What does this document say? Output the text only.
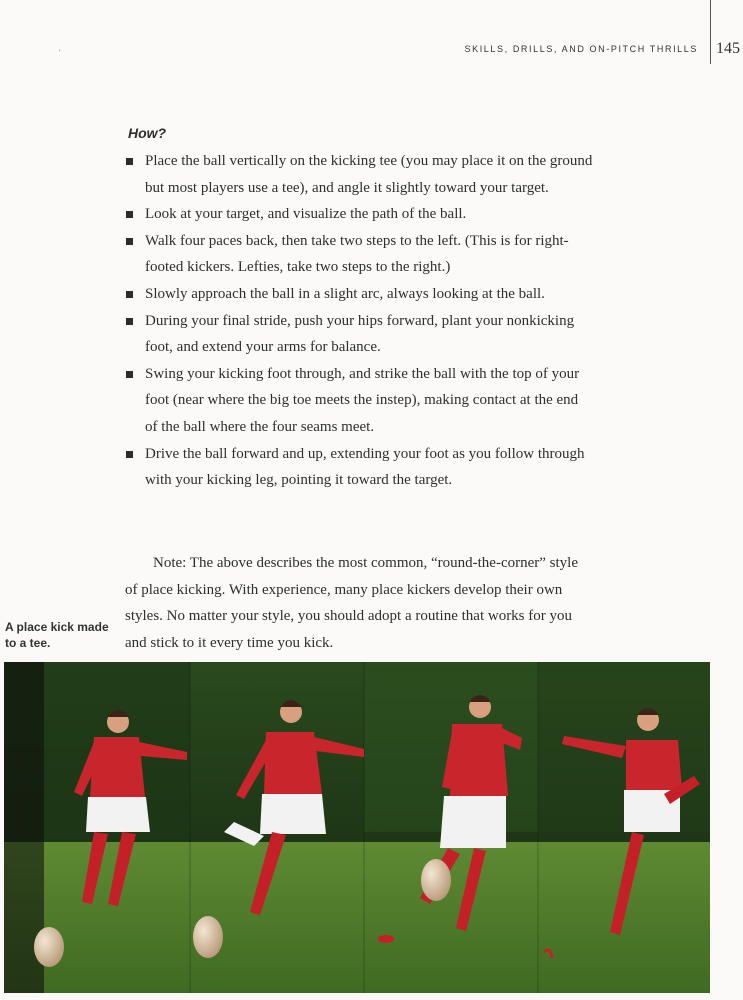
'	SKILLS, DRILLS, AND ON-PITCH THRILLS 145
How?
Place the ball vertically on the kicking tee (you may place it on the ground but most players use a tee), and angle it slightly toward your target.
Look at your target, and visualize the path of the ball.
Walk four paces back, then take two steps to the left. (This is for right-footed kickers. Lefties, take two steps to the right.)
Slowly approach the ball in a slight arc, always looking at the ball.
During your final stride, push your hips forward, plant your nonkicking foot, and extend your arms for balance.
Swing your kicking foot through, and strike the ball with the top of your foot (near where the big toe meets the instep), making contact at the end of the ball where the four seams meet.
Drive the ball forward and up, extending your foot as you follow through with your kicking leg, pointing it toward the target.

Note: The above describes the most common, “round-the-corner” style of place kicking. With experience, many place kickers develop their own styles. No matter your style, you should adopt a routine that works for you and stick to it every time you kick.

A place kick made to a tee.
